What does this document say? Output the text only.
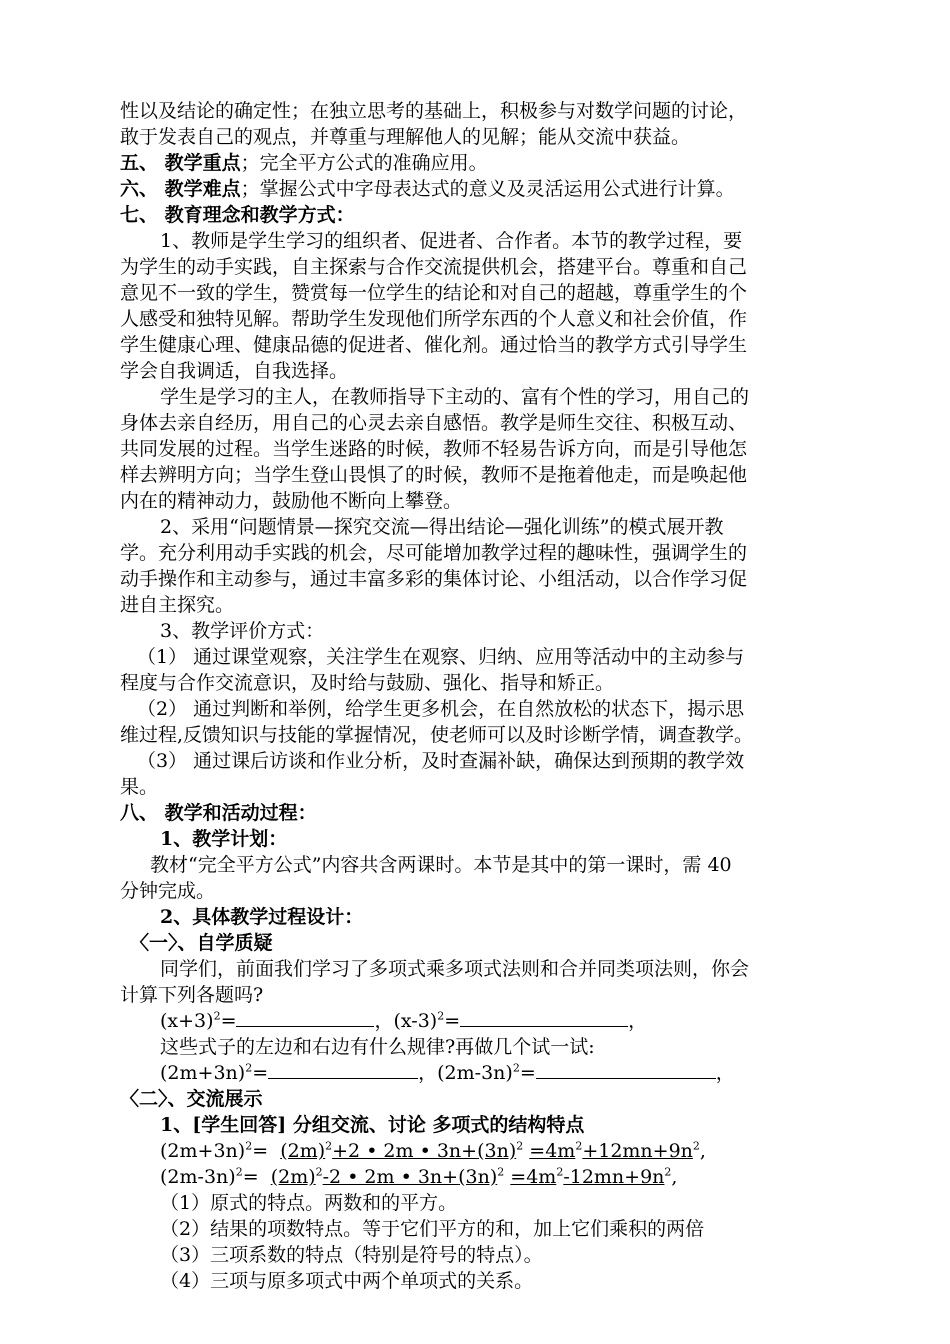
性以及结论的确定性；在独立思考的基础上，积极参与对数学问题的讨论，
敢于发表自己的观点，并尊重与理解他人的见解；能从交流中获益。
五、 教学重点；完全平方公式的准确应用。
六、 教学难点；掌握公式中字母表达式的意义及灵活运用公式进行计算。
七、 教育理念和教学方式：
1、教师是学生学习的组织者、促进者、合作者。本节的教学过程，要
为学生的动手实践，自主探索与合作交流提供机会，搭建平台。尊重和自己
意见不一致的学生，赞赏每一位学生的结论和对自己的超越，尊重学生的个
人感受和独特见解。帮助学生发现他们所学东西的个人意义和社会价值，作
学生健康心理、健康品德的促进者、催化剂。通过恰当的教学方式引导学生
学会自我调适，自我选择。
学生是学习的主人，在教师指导下主动的、富有个性的学习，用自己的
身体去亲自经历，用自己的心灵去亲自感悟。教学是师生交往、积极互动、
共同发展的过程。当学生迷路的时候，教师不轻易告诉方向，而是引导他怎
样去辨明方向；当学生登山畏惧了的时候，教师不是拖着他走，而是唤起他
内在的精神动力，鼓励他不断向上攀登。
2、采用“问题情景—探究交流—得出结论—强化训练”的模式展开教
学。充分利用动手实践的机会，尽可能增加教学过程的趣味性，强调学生的
动手操作和主动参与，通过丰富多彩的集体讨论、小组活动，以合作学习促
进自主探究。
3、教学评价方式：
（1） 通过课堂观察，关注学生在观察、归纳、应用等活动中的主动参与
程度与合作交流意识，及时给与鼓励、强化、指导和矫正。
（2） 通过判断和举例，给学生更多机会，在自然放松的状态下，揭示思
维过程,反馈知识与技能的掌握情况，使老师可以及时诊断学情，调查教学。
（3） 通过课后访谈和作业分析，及时查漏补缺，确保达到预期的教学效
果。
八、 教学和活动过程：
1、教学计划：
教材“完全平方公式”内容共含两课时。本节是其中的第一课时，需 40
分钟完成。
2、具体教学过程设计：
〈一〉、自学质疑
同学们，前面我们学习了多项式乘多项式法则和合并同类项法则，你会
计算下列各题吗?
$(x+3)^2=$	，$(x-3)^2=$	，
这些式子的左边和右边有什么规律?再做几个试一试:
$(2m+3n)^2=$	，$(2m-3n)^2=$	，
〈二〉、交流展示
1、[学生回答] 分组交流、讨论 多项式的结构特点
$(2m+3n)^2= (2m)^2+2$ • 2m • $3n+(3n)^2 =4m^2+12mn+9n^2$,
$(2m-3n)^2= (2m)^2-2$ • 2m • $3n+(3n)^2 =4m^2-12mn+9n^2$,
（1）原式的特点。两数和的平方。
（2）结果的项数特点。等于它们平方的和，加上它们乘积的两倍
（3）三项系数的特点（特别是符号的特点）。
（4）三项与原多项式中两个单项式的关系。
